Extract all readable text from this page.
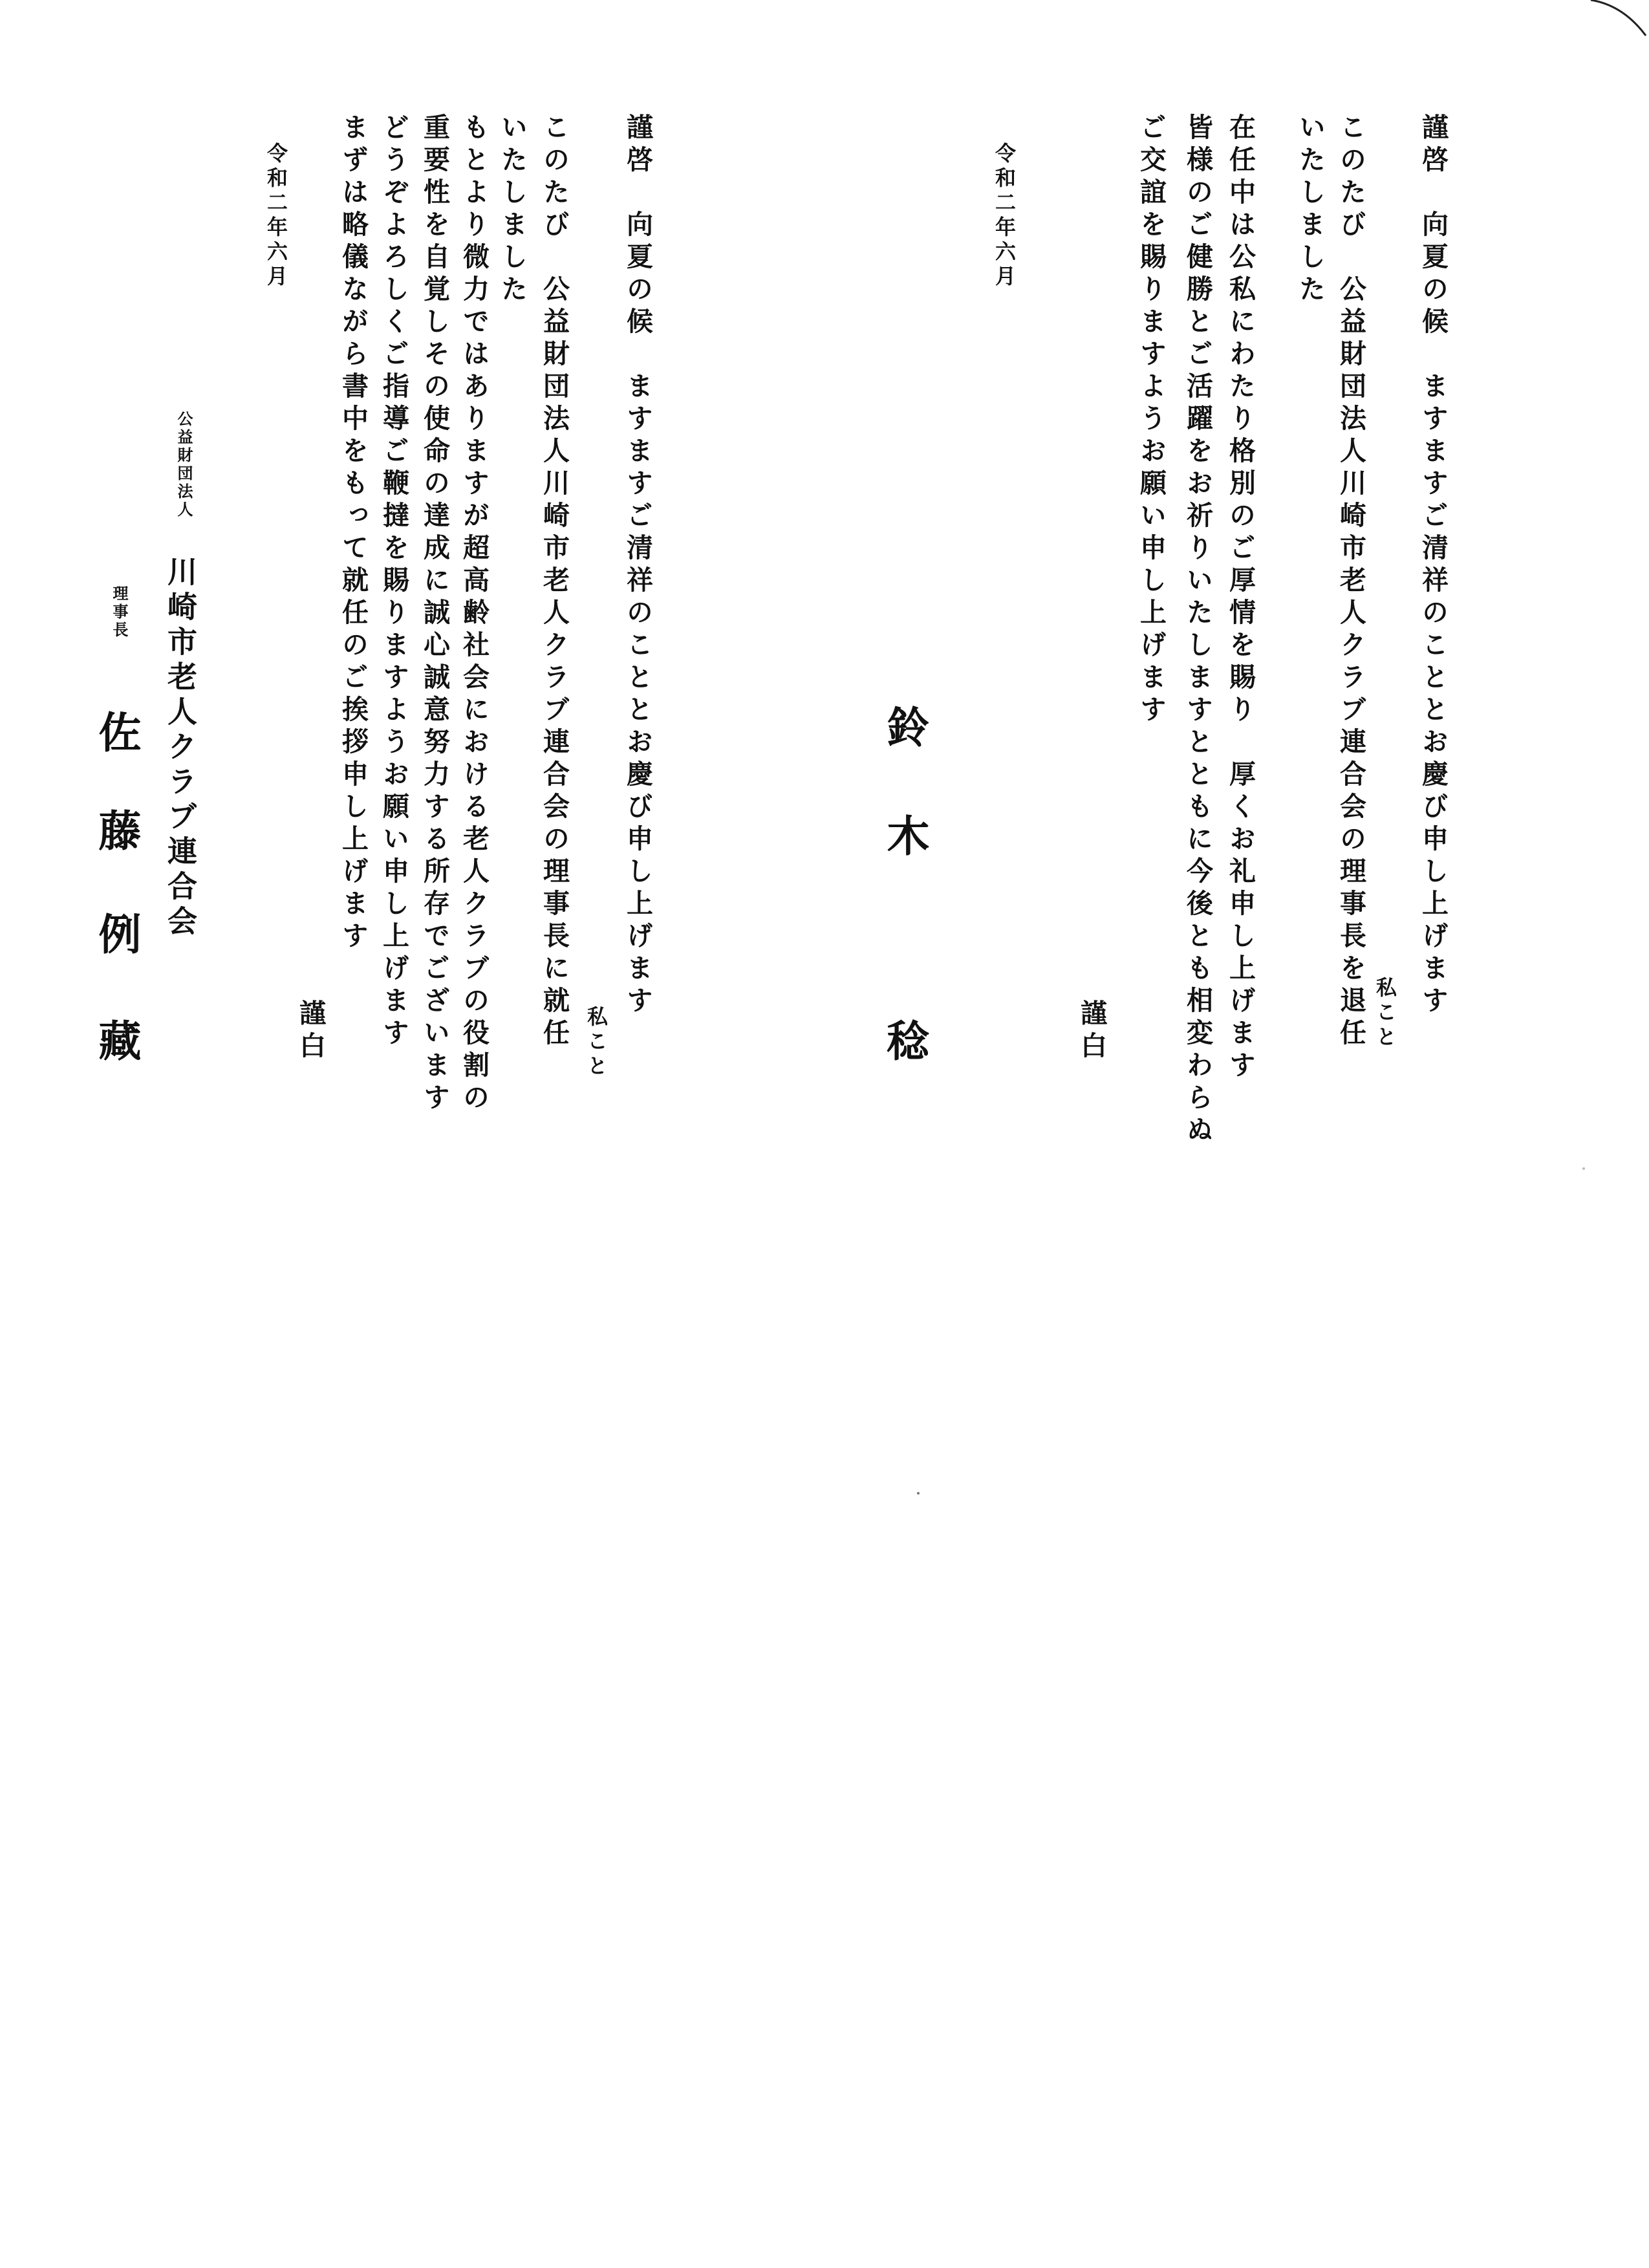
謹啓　向夏の候　ますますご清祥のこととお慶び申し上げます
私こと
このたび　公益財団法人川崎市老人クラブ連合会の理事長を退任
いたしました
在任中は公私にわたり格別のご厚情を賜り　厚くお礼申し上げます
皆様のご健勝とご活躍をお祈りいたしますとともに今後とも相変わらぬ
ご交誼を賜りますようお願い申し上げます
謹白
令和二年六月
鈴
木
稔
謹啓　向夏の候　ますますご清祥のこととお慶び申し上げます
私こと
このたび　公益財団法人川崎市老人クラブ連合会の理事長に就任
いたしました
もとより微力ではありますが超高齢社会における老人クラブの役割の
重要性を自覚しその使命の達成に誠心誠意努力する所存でございます
どうぞよろしくご指導ご鞭撻を賜りますようお願い申し上げます
まずは略儀ながら書中をもって就任のご挨拶申し上げます
謹白
令和二年六月
公益財団法人
川崎市老人クラブ連合会
理事長
佐
藤
例
藏
